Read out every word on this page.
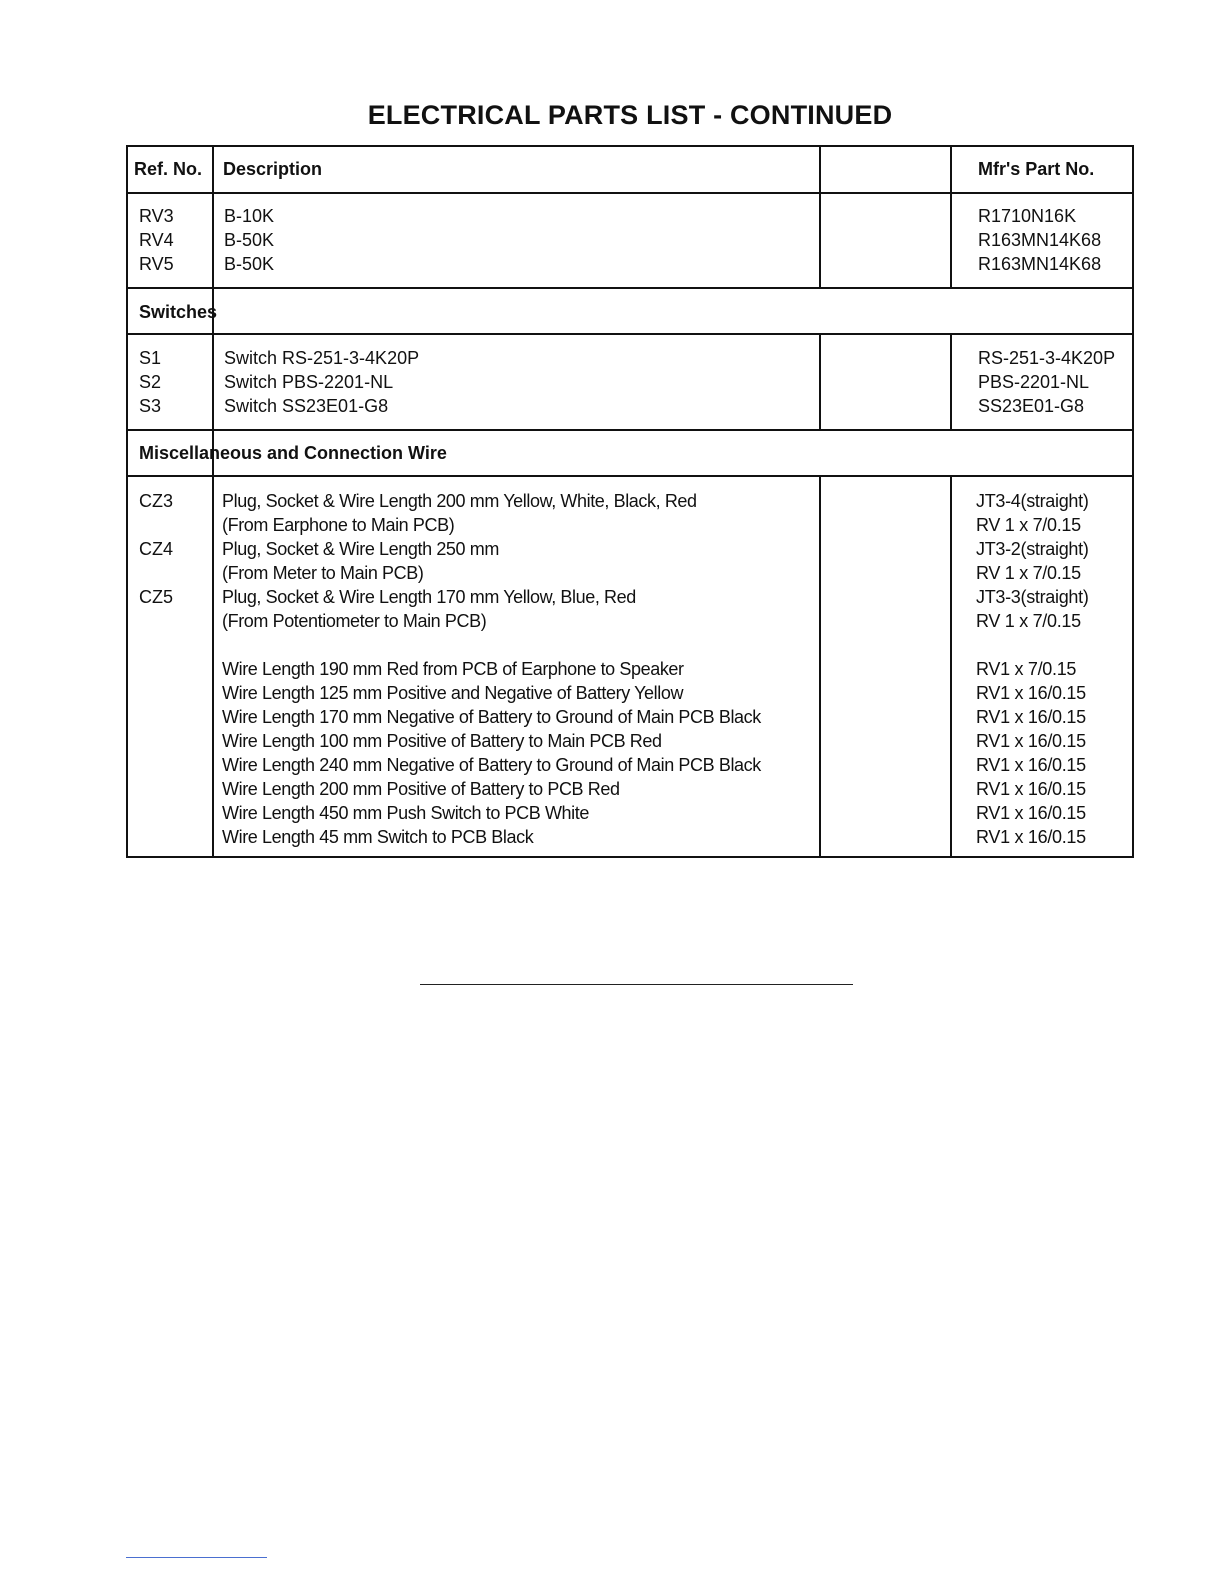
ELECTRICAL PARTS LIST - CONTINUED
Ref. No. Description	Mfr's Part No.
RV3
RV4
RV5
B-10K
B-50K
B-50K
R1710N16K
R163MN14K68
R163MN14K68
Switches
S1
S2
S3
Switch RS-251-3-4K20P
Switch PBS-2201-NL
Switch SS23E01-G8
RS-251-3-4K20P
PBS-2201-NL
SS23E01-G8
Miscellaneous and Connection Wire
CZ3
CZ4
CZ5
Plug, Socket & Wire Length 200 mm Yellow, White, Black, Red
(From Earphone to Main PCB)
Plug, Socket & Wire Length 250 mm
(From Meter to Main PCB)
Plug, Socket & Wire Length 170 mm Yellow, Blue, Red
(From Potentiometer to Main PCB)
Wire Length 190 mm Red from PCB of Earphone to Speaker
Wire Length 125 mm Positive and Negative of Battery Yellow
Wire Length 170 mm Negative of Battery to Ground of Main PCB Black
Wire Length 100 mm Positive of Battery to Main PCB Red
Wire Length 240 mm Negative of Battery to Ground of Main PCB Black
Wire Length 200 mm Positive of Battery to PCB Red
Wire Length 450 mm Push Switch to PCB White
Wire Length 45 mm Switch to PCB Black
JT3-4(straight)
RV 1 x 7/0.15
JT3-2(straight)
RV 1 x 7/0.15
JT3-3(straight)
RV 1 x 7/0.15
RV1 x 7/0.15
RV1 x 16/0.15
RV1 x 16/0.15
RV1 x 16/0.15
RV1 x 16/0.15
RV1 x 16/0.15
RV1 x 16/0.15
RV1 x 16/0.15
